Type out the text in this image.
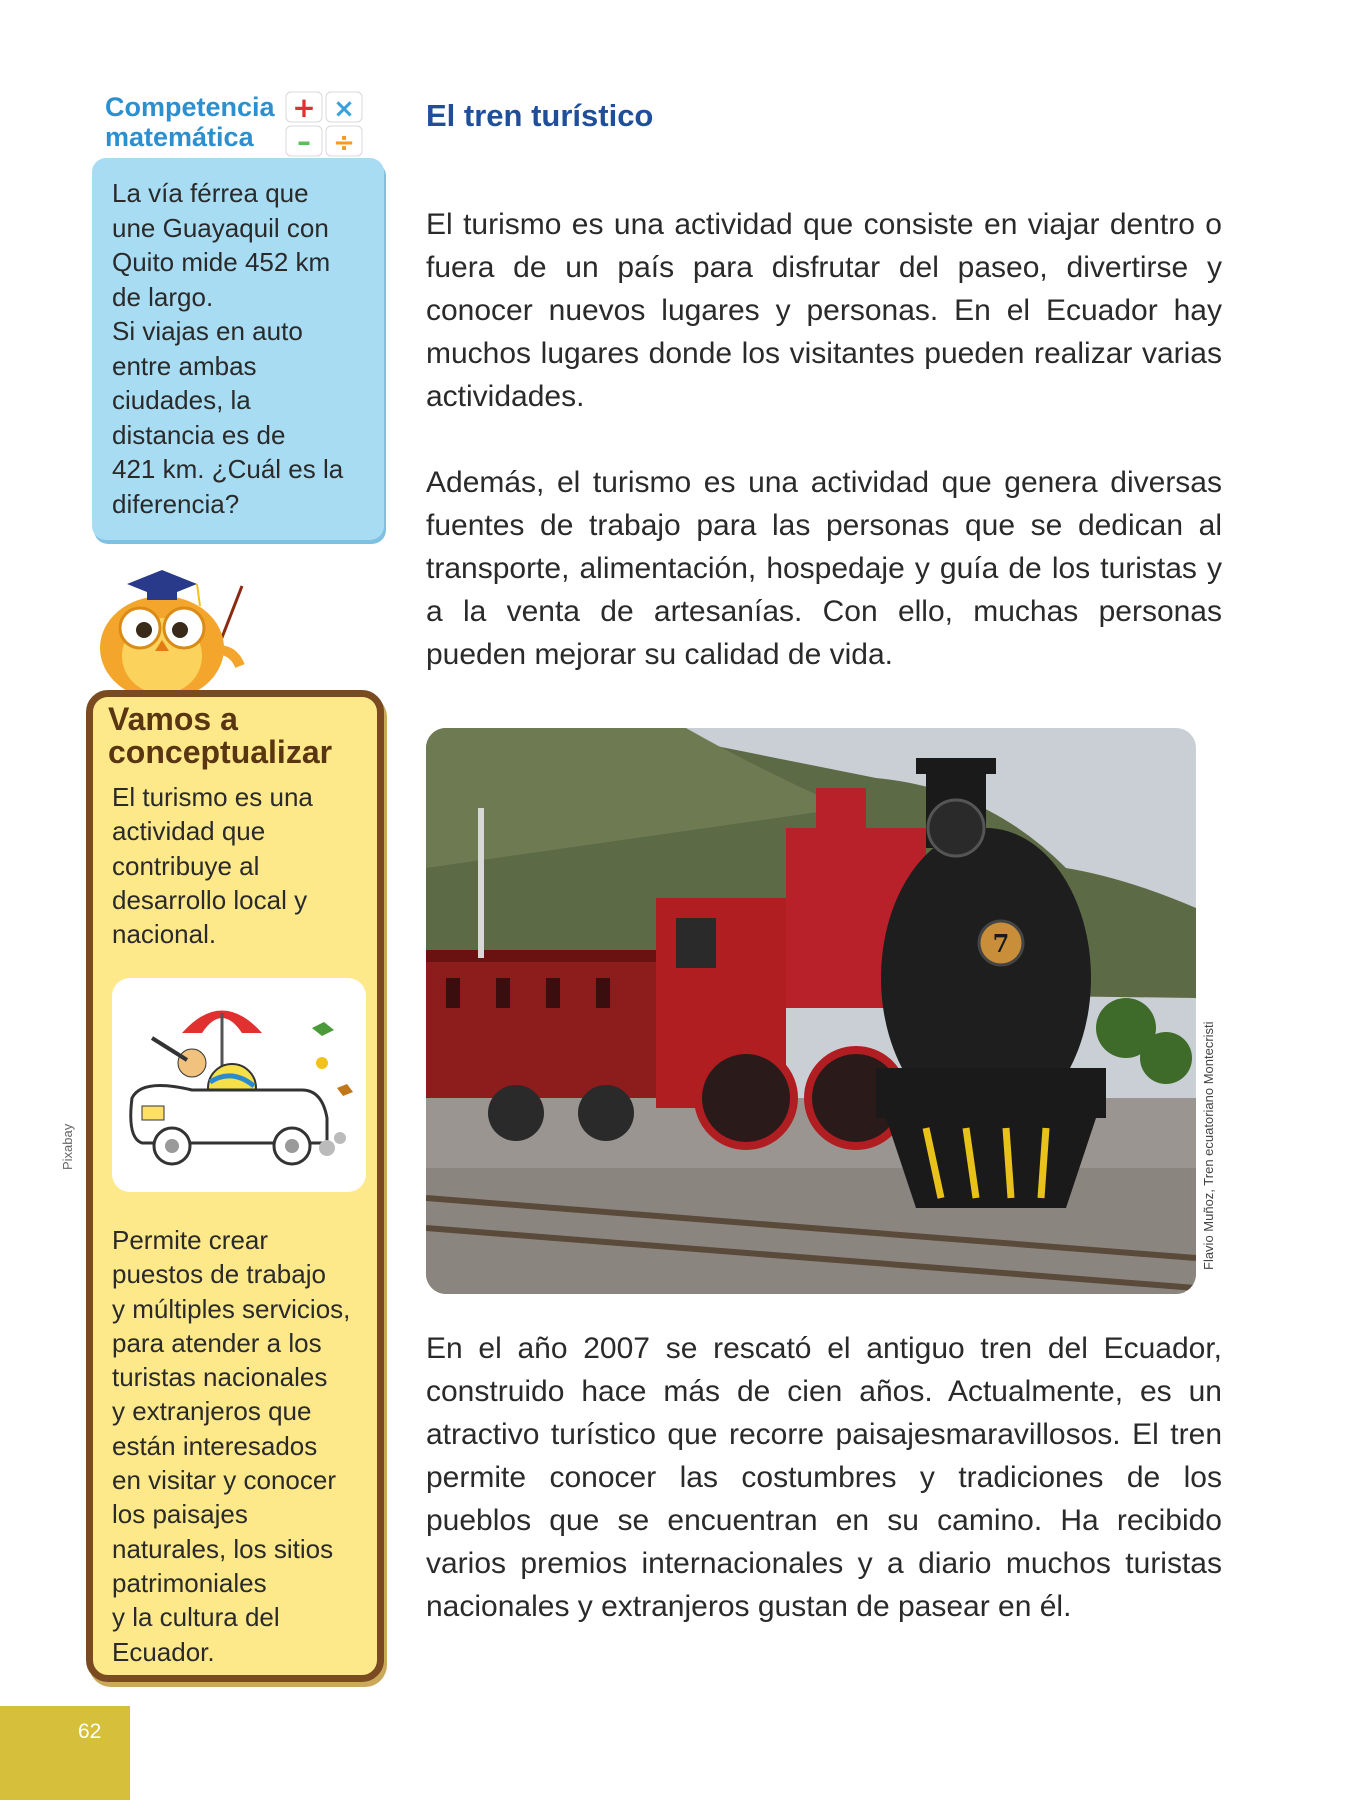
Competencia
matemática
+ ×
– ÷
La vía férrea que
une Guayaquil con
Quito mide 452 km
de largo.
Si viajas en auto
entre ambas
ciudades, la
distancia es de
421 km. ¿Cuál es la
diferencia?
Vamos a
conceptualizar
El turismo es una
actividad que
contribuye al
desarrollo local y
nacional.
Pixabay
Permite crear
puestos de trabajo
y múltiples servicios,
para atender a los
turistas nacionales
y extranjeros que
están interesados
en visitar y conocer
los paisajes
naturales, los sitios
patrimoniales
y la cultura del
Ecuador.
62
El tren turístico
El turismo es una actividad que consiste en viajar dentro o fuera de un país para disfrutar del paseo, divertirse y conocer nuevos lugares y personas. En el Ecuador hay muchos lugares donde los visitantes pueden realizar varias actividades.
Además, el turismo es una actividad que genera diversas fuentes de trabajo para las personas que se dedican al transporte, alimentación, hospedaje y guía de los turistas y a la venta de artesanías. Con ello, muchas personas pueden mejorar su calidad de vida.
7
Flavio Muñoz, Tren ecuatoriano Montecristi
En el año 2007 se rescató el antiguo tren del Ecuador, construido hace más de cien años. Actualmente, es un atractivo turístico que recorre paisajesmaravillosos. El tren permite conocer las costumbres y tradiciones de los pueblos que se encuentran en su camino. Ha recibido varios premios internacionales y a diario muchos turistas nacionales y extranjeros gustan de pasear en él.
